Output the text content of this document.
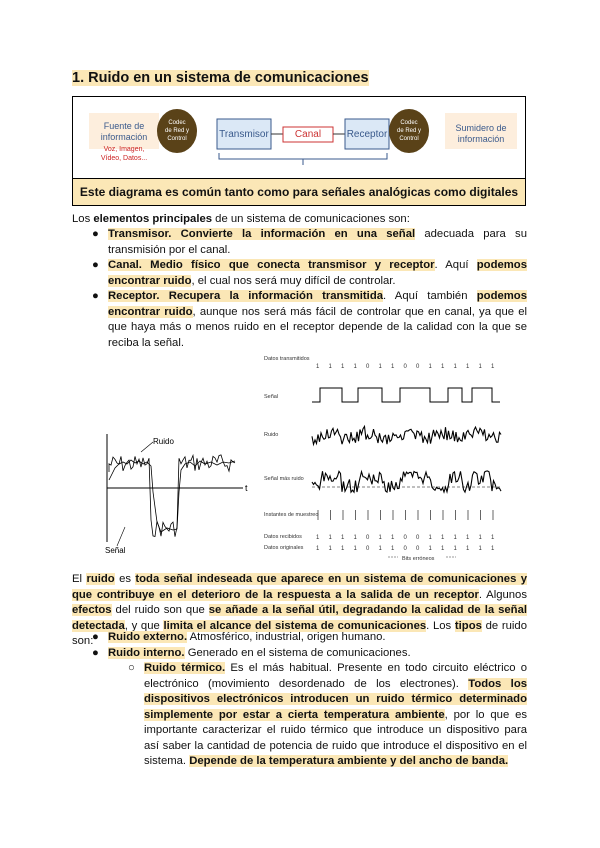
1. Ruido en un sistema de comunicaciones
Fuente de
información
Voz, Imagen,
Vídeo, Datos...
Codec
de Red y
Control	Transmisor	Canal	Receptor
Codec
de Red y
Control
Sumidero de
información
Este diagrama es común tanto como para señales analógicas como digitales
Los elementos principales de un sistema de comunicaciones son:
● Transmisor. Convierte la información en una señal adecuada para su transmisión por el canal.
● Canal. Medio físico que conecta transmisor y receptor. Aquí podemos encontrar ruido, el cual nos será muy difícil de controlar.
● Receptor. Recupera la información transmitida. Aquí también podemos encontrar ruido, aunque nos será más fácil de controlar que en canal, ya que el que haya más o menos ruido en el receptor depende de la calidad con la que se reciba la señal.
t
Ruido
Señal
Datos transmitidos
Señal
Ruido
Señal más ruido
Instantes de muestreo
Datos recibidos
Datos originales
1 1 1 1 0 1 1 0 0 1 1 1 1 1 1
1 1 1 1 0 1 1 0 0 1 1 1 1 1 1
1 1 1 1 0 1 1 0 0 1 1 1 1 1 1
Bits erróneos
El ruido es toda señal indeseada que aparece en un sistema de comunicaciones y que contribuye en el deterioro de la respuesta a la salida de un receptor. Algunos efectos del ruido son que se añade a la señal útil, degradando la calidad de la señal detectada, y que limita el alcance del sistema de comunicaciones. Los tipos de ruido son:
● Ruido externo. Atmosférico, industrial, origen humano.
● Ruido interno. Generado en el sistema de comunicaciones.
○ Ruido térmico. Es el más habitual. Presente en todo circuito eléctrico o electrónico (movimiento desordenado de los electrones). Todos los dispositivos electrónicos introducen un ruido térmico determinado simplemente por estar a cierta temperatura ambiente, por lo que es importante caracterizar el ruido térmico que introduce un dispositivo para así saber la cantidad de potencia de ruido que introduce el dispositivo en el sistema. Depende de la temperatura ambiente y del ancho de banda.
